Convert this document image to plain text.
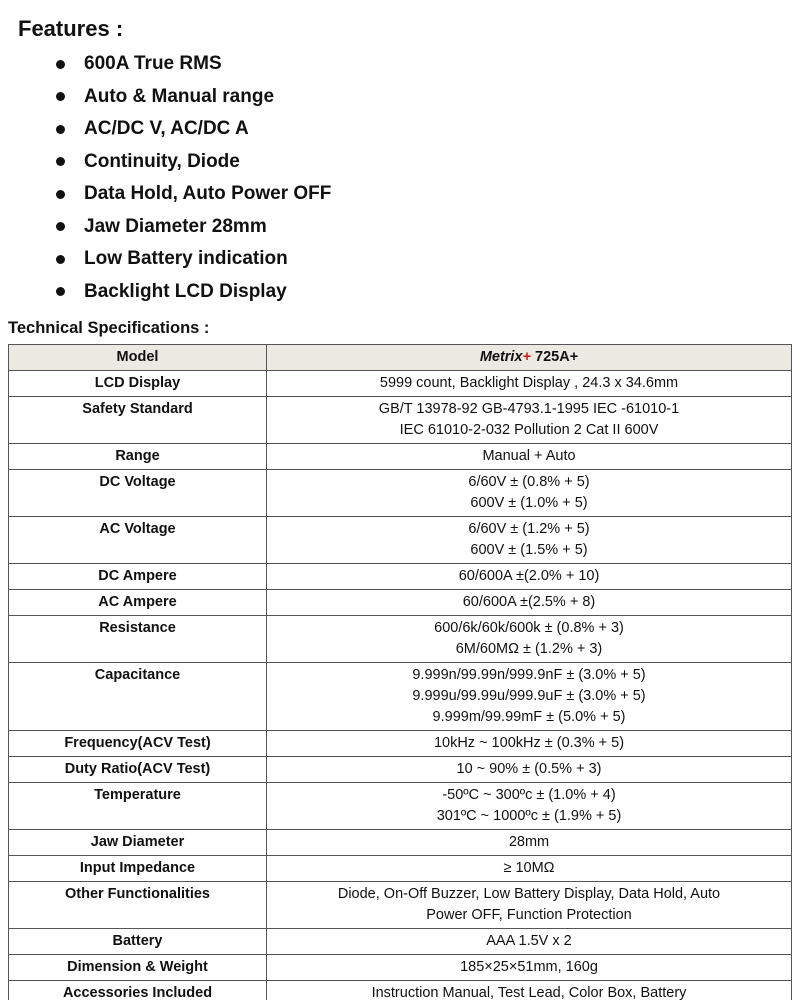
Features :
600A True RMS
Auto & Manual range
AC/DC V, AC/DC A
Continuity, Diode
Data Hold, Auto Power OFF
Jaw Diameter 28mm
Low Battery indication
Backlight LCD Display
Technical Specifications :
Model	Metrix+ 725A+
LCD Display	5999 count, Backlight Display , 24.3 x 34.6mm

Safety Standard	GB/T 13978-92 GB-4793.1-1995 IEC -61010-1
IEC 61010-2-032 Pollution 2 Cat II 600V

Range	Manual + Auto

DC Voltage	6/60V ± (0.8% + 5)
600V ± (1.0% + 5)

AC Voltage	6/60V ± (1.2% + 5)
600V ± (1.5% + 5)

DC Ampere	60/600A ±(2.0% + 10)

AC Ampere	60/600A ±(2.5% + 8)

Resistance	600/6k/60k/600k ± (0.8% + 3)
6M/60MΩ ± (1.2% + 3)

Capacitance	9.999n/99.99n/999.9nF ± (3.0% + 5)
9.999u/99.99u/999.9uF ± (3.0% + 5)
9.999m/99.99mF ± (5.0% + 5)

Frequency(ACV Test)	10kHz ~ 100kHz ± (0.3% + 5)

Duty Ratio(ACV Test)	10 ~ 90% ± (0.5% + 3)

Temperature	-50ºC ~ 300ºc ± (1.0% + 4)
301ºC ~ 1000ºc ± (1.9% + 5)

Jaw Diameter	28mm

Input Impedance	≥ 10MΩ

Other Functionalities	Diode, On-Off Buzzer, Low Battery Display, Data Hold, Auto
Power OFF, Function Protection

Battery	AAA 1.5V x 2

Dimension & Weight	185×25×51mm, 160g

Accessories Included	Instruction Manual, Test Lead, Color Box, Battery
